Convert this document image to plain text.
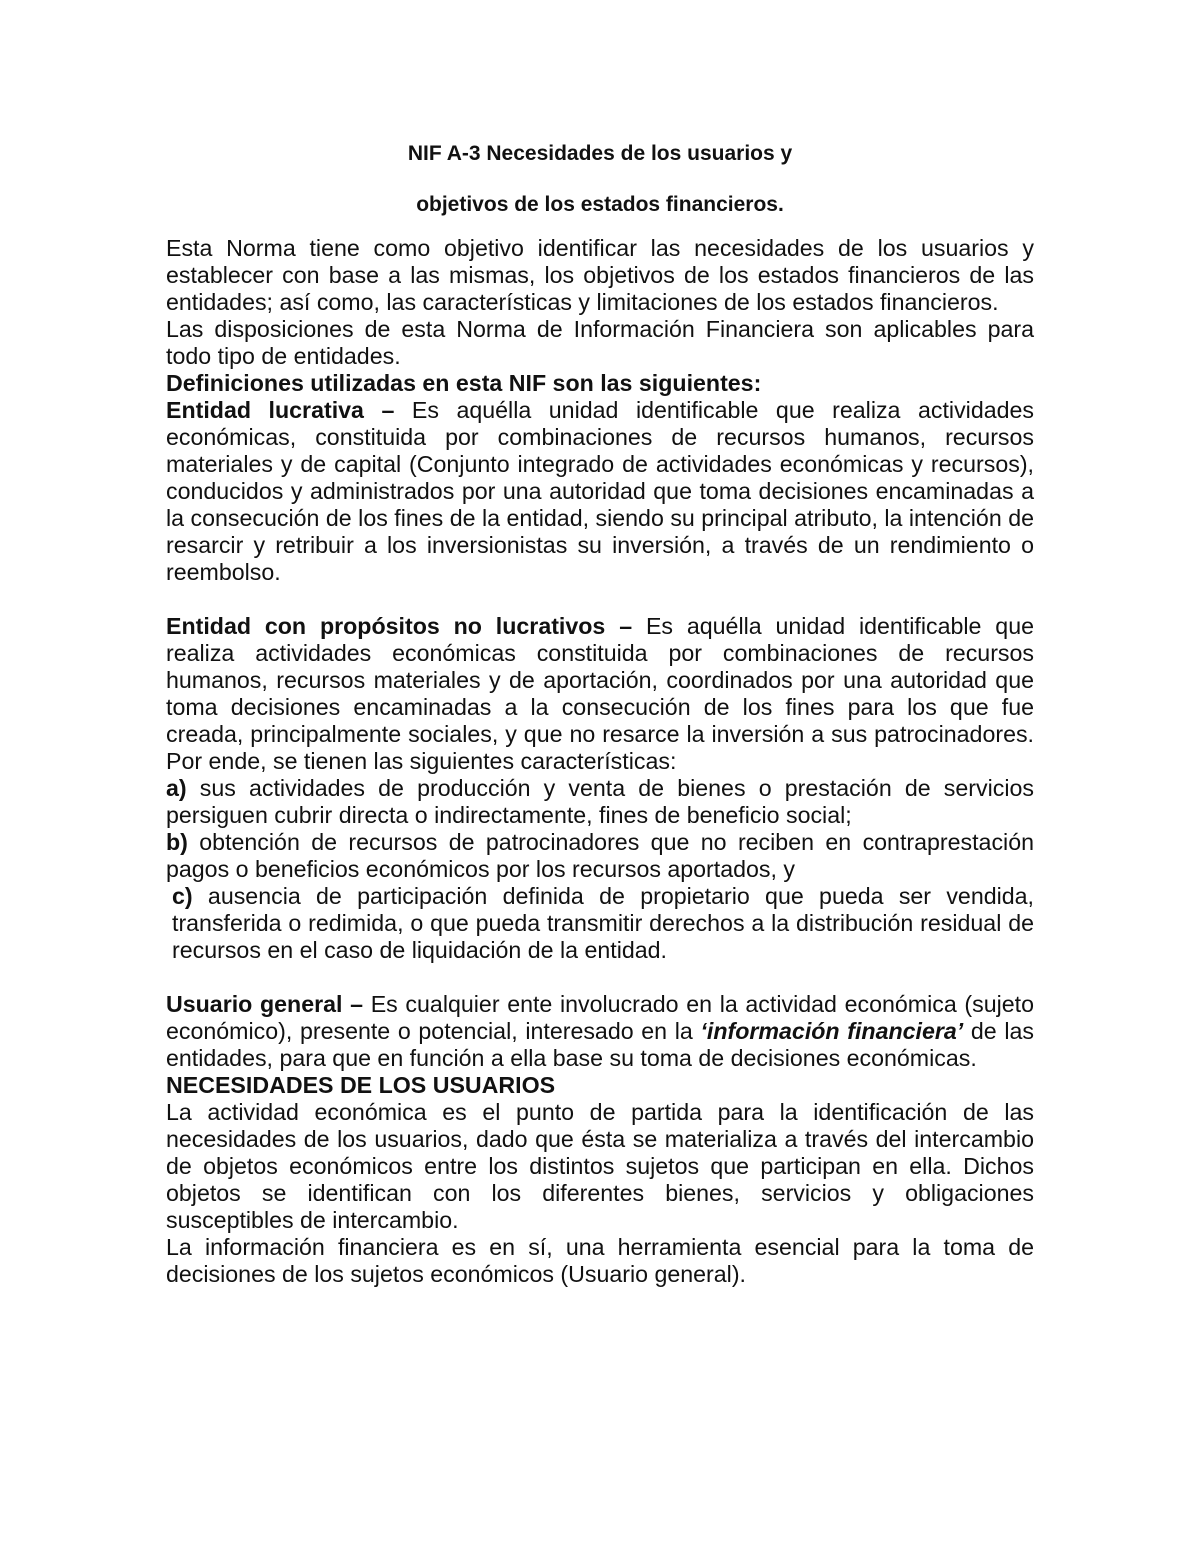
NIF A-3 Necesidades de los usuarios y

objetivos de los estados financieros.

Esta Norma tiene como objetivo identificar las necesidades de los usuarios y establecer con base a las mismas, los objetivos de los estados financieros de las entidades; así como, las características y limitaciones de los estados financieros.

Las disposiciones de esta Norma de Información Financiera son aplicables para todo tipo de entidades.

Definiciones utilizadas en esta NIF son las siguientes:

Entidad lucrativa – Es aquélla unidad identificable que realiza actividades económicas, constituida por combinaciones de recursos humanos, recursos materiales y de capital (Conjunto integrado de actividades económicas y recursos), conducidos y administrados por una autoridad que toma decisiones encaminadas a la consecución de los fines de la entidad, siendo su principal atributo, la intención de resarcir y retribuir a los inversionistas su inversión, a través de un rendimiento o reembolso.

Entidad con propósitos no lucrativos – Es aquélla unidad identificable que realiza actividades económicas constituida por combinaciones de recursos humanos, recursos materiales y de aportación, coordinados por una autoridad que toma decisiones encaminadas a la consecución de los fines para los que fue creada, principalmente sociales, y que no resarce la inversión a sus patrocinadores. Por ende, se tienen las siguientes características:

a) sus actividades de producción y venta de bienes o prestación de servicios persiguen cubrir directa o indirectamente, fines de beneficio social;

b) obtención de recursos de patrocinadores que no reciben en contraprestación pagos o beneficios económicos por los recursos aportados, y

c) ausencia de participación definida de propietario que pueda ser vendida, transferida o redimida, o que pueda transmitir derechos a la distribución residual de recursos en el caso de liquidación de la entidad.

Usuario general – Es cualquier ente involucrado en la actividad económica (sujeto económico), presente o potencial, interesado en la ‘información financiera’ de las entidades, para que en función a ella base su toma de decisiones económicas.

NECESIDADES DE LOS USUARIOS

La actividad económica es el punto de partida para la identificación de las necesidades de los usuarios, dado que ésta se materializa a través del intercambio de objetos económicos entre los distintos sujetos que participan en ella. Dichos objetos se identifican con los diferentes bienes, servicios y obligaciones susceptibles de intercambio.

La información financiera es en sí, una herramienta esencial para la toma de decisiones de los sujetos económicos (Usuario general).
